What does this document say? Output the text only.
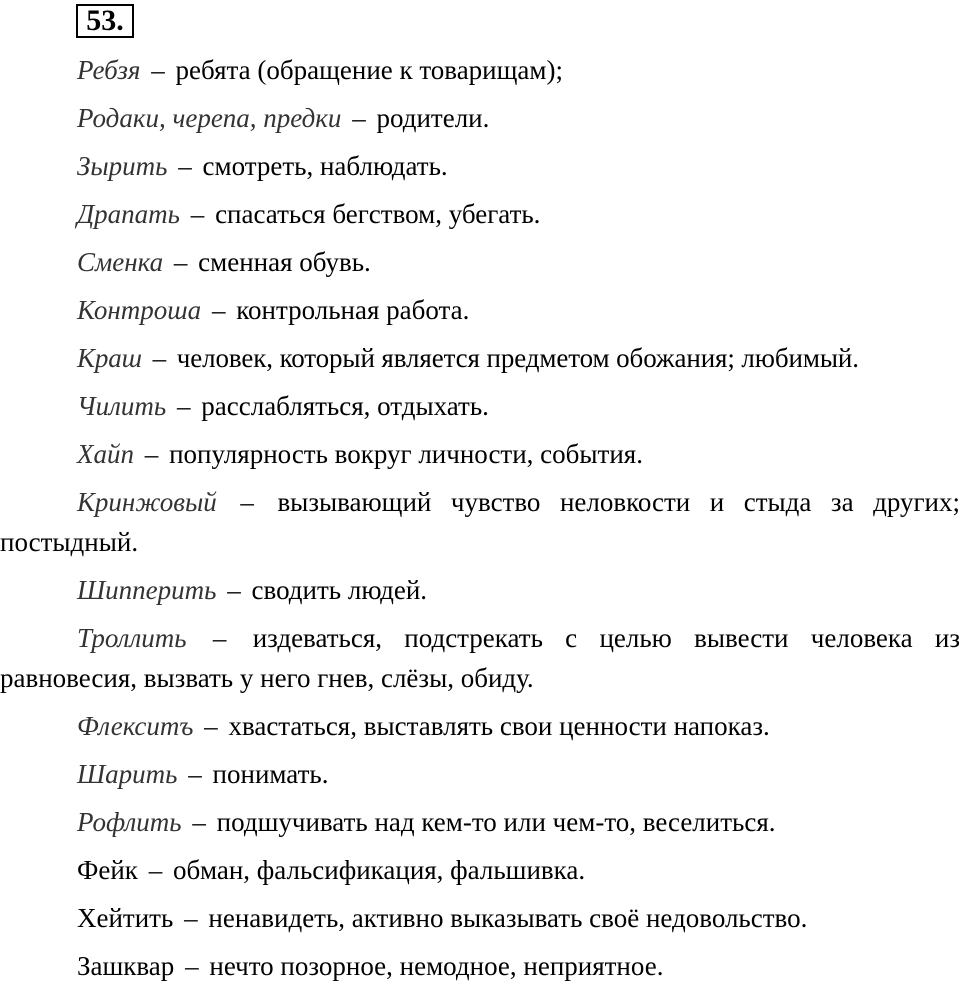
53.

Ребзя – ребята (обращение к товарищам);

Родаки, черепа, предки – родители.

Зырить – смотреть, наблюдать.

Драпать – спасаться бегством, убегать.

Сменка – сменная обувь.

Контроша – контрольная работа.

Краш – человек, который является предметом обожания; любимый.

Чилить – расслабляться, отдыхать.

Хайп – популярность вокруг личности, события.

Кринжовый – вызывающий чувство неловкости и стыда за других; постыдный.

Шипперить – сводить людей.

Троллить – издеваться, подстрекать с целью вывести человека из равновесия, вызвать у него гнев, слёзы, обиду.

Флекситъ – хвастаться, выставлять свои ценности напоказ.

Шарить – понимать.

Рофлить – подшучивать над кем-то или чем-то, веселиться.

Фейк – обман, фальсификация, фальшивка.

Хейтить – ненавидеть, активно выказывать своё недовольство.

Зашквар – нечто позорное, немодное, неприятное.
